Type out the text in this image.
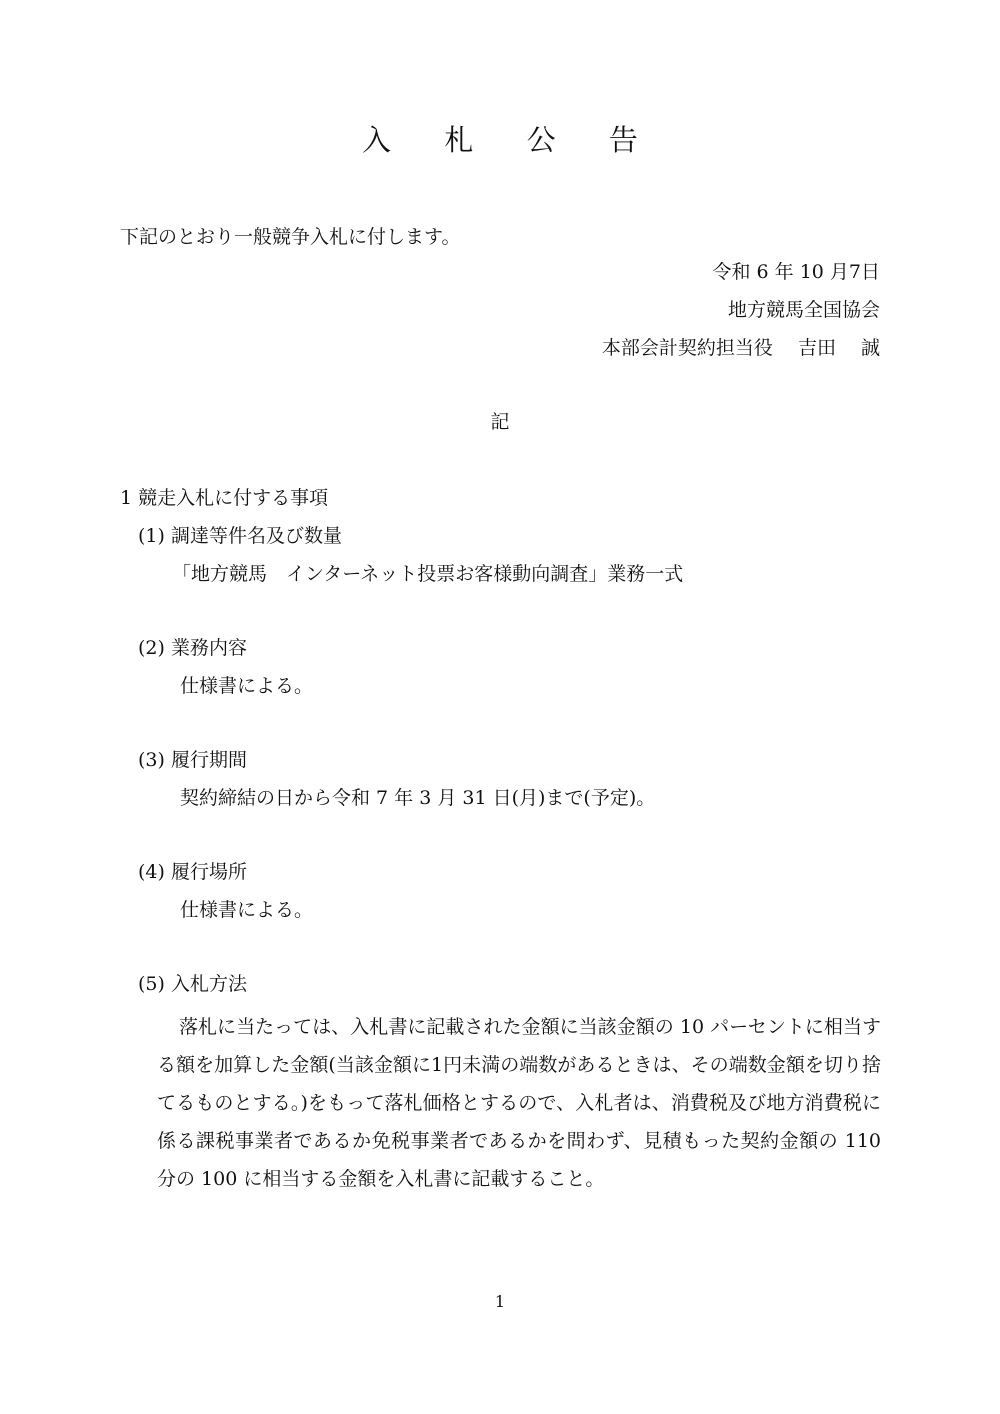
入 札 公 告
下記のとおり一般競争入札に付します。
令和 6 年 10 月7日
地方競馬全国協会
本部会計契約担当役　 吉田　 誠
記
1 競走入札に付する事項
(1) 調達等件名及び数量
「地方競馬　インターネット投票お客様動向調査」業務一式
(2) 業務内容
仕様書による。
(3) 履行期間
契約締結の日から令和 7 年 3 月 31 日(月)まで(予定)。
(4) 履行場所
仕様書による。
(5) 入札方法
落札に当たっては、入札書に記載された金額に当該金額の 10 パーセントに相当する額を加算した金額(当該金額に1円未満の端数があるときは、その端数金額を切り捨てるものとする。)をもって落札価格とするので、入札者は、消費税及び地方消費税に係る課税事業者であるか免税事業者であるかを問わず、見積もった契約金額の 110 分の 100 に相当する金額を入札書に記載すること。
1
